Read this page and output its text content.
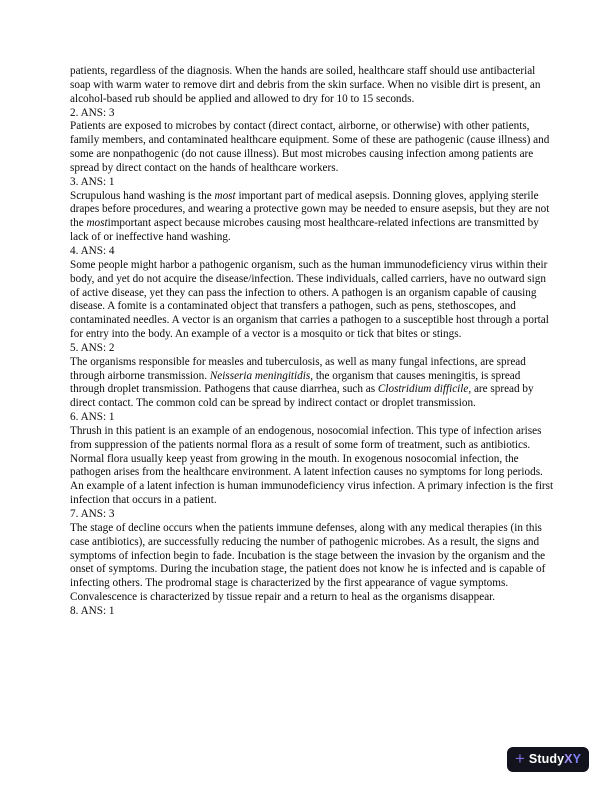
patients, regardless of the diagnosis. When the hands are soiled, healthcare staff should use antibacterial soap with warm water to remove dirt and debris from the skin surface. When no visible dirt is present, an alcohol-based rub should be applied and allowed to dry for 10 to 15 seconds.

2. ANS: 3

Patients are exposed to microbes by contact (direct contact, airborne, or otherwise) with other patients, family members, and contaminated healthcare equipment. Some of these are pathogenic (cause illness) and some are nonpathogenic (do not cause illness). But most microbes causing infection among patients are spread by direct contact on the hands of healthcare workers.

3. ANS: 1

Scrupulous hand washing is the most important part of medical asepsis. Donning gloves, applying sterile drapes before procedures, and wearing a protective gown may be needed to ensure asepsis, but they are not the mostimportant aspect because microbes causing most healthcare-related infections are transmitted by lack of or ineffective hand washing.

4. ANS: 4

Some people might harbor a pathogenic organism, such as the human immunodeficiency virus within their body, and yet do not acquire the disease/infection. These individuals, called carriers, have no outward sign of active disease, yet they can pass the infection to others. A pathogen is an organism capable of causing disease. A fomite is a contaminated object that transfers a pathogen, such as pens, stethoscopes, and contaminated needles. A vector is an organism that carries a pathogen to a susceptible host through a portal for entry into the body. An example of a vector is a mosquito or tick that bites or stings.

5. ANS: 2

The organisms responsible for measles and tuberculosis, as well as many fungal infections, are spread through airborne transmission. Neisseria meningitidis, the organism that causes meningitis, is spread through droplet transmission. Pathogens that cause diarrhea, such as Clostridium difficile, are spread by direct contact. The common cold can be spread by indirect contact or droplet transmission.

6. ANS: 1

Thrush in this patient is an example of an endogenous, nosocomial infection. This type of infection arises from suppression of the patients normal flora as a result of some form of treatment, such as antibiotics. Normal flora usually keep yeast from growing in the mouth. In exogenous nosocomial infection, the pathogen arises from the healthcare environment. A latent infection causes no symptoms for long periods. An example of a latent infection is human immunodeficiency virus infection. A primary infection is the first infection that occurs in a patient.

7. ANS: 3

The stage of decline occurs when the patients immune defenses, along with any medical therapies (in this case antibiotics), are successfully reducing the number of pathogenic microbes. As a result, the signs and symptoms of infection begin to fade. Incubation is the stage between the invasion by the organism and the onset of symptoms. During the incubation stage, the patient does not know he is infected and is capable of infecting others. The prodromal stage is characterized by the first appearance of vague symptoms. Convalescence is characterized by tissue repair and a return to heal as the organisms disappear.

8. ANS: 1

+ StudyXY
